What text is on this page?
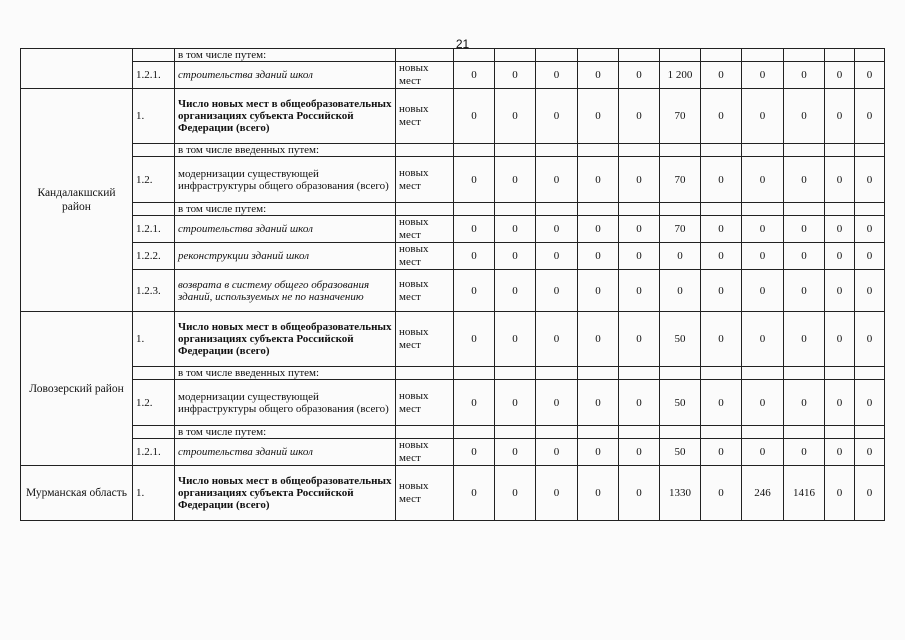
21
		в том числе путем:												
	1.2.1.	строительства зданий школ	новых мест	0	0	0	0	0	1 200	0	0	0	0	0
Кандалакшский район	1.	Число новых мест в общеобразовательных организациях субъекта Российской Федерации (всего)	новых мест	0	0	0	0	0	70	0	0	0	0	0
		в том числе введенных путем:												
	1.2.	модернизации существующей инфраструктуры общего образования (всего)	новых мест	0	0	0	0	0	70	0	0	0	0	0
		в том числе путем:												
	1.2.1.	строительства зданий школ	новых мест	0	0	0	0	0	70	0	0	0	0	0
	1.2.2.	реконструкции зданий школ	новых мест	0	0	0	0	0	0	0	0	0	0	0
	1.2.3.	возврата в систему общего образования зданий, используемых не по назначению	новых мест	0	0	0	0	0	0	0	0	0	0	0
Ловозерский район	1.	Число новых мест в общеобразовательных организациях субъекта Российской Федерации (всего)	новых мест	0	0	0	0	0	50	0	0	0	0	0
		в том числе введенных путем:												
	1.2.	модернизации существующей инфраструктуры общего образования (всего)	новых мест	0	0	0	0	0	50	0	0	0	0	0
		в том числе путем:												
	1.2.1.	строительства зданий школ	новых мест	0	0	0	0	0	50	0	0	0	0	0
Мурманская область	1.	Число новых мест в общеобразовательных организациях субъекта Российской Федерации (всего)	новых мест	0	0	0	0	0	1330	0	246	1416	0	0
